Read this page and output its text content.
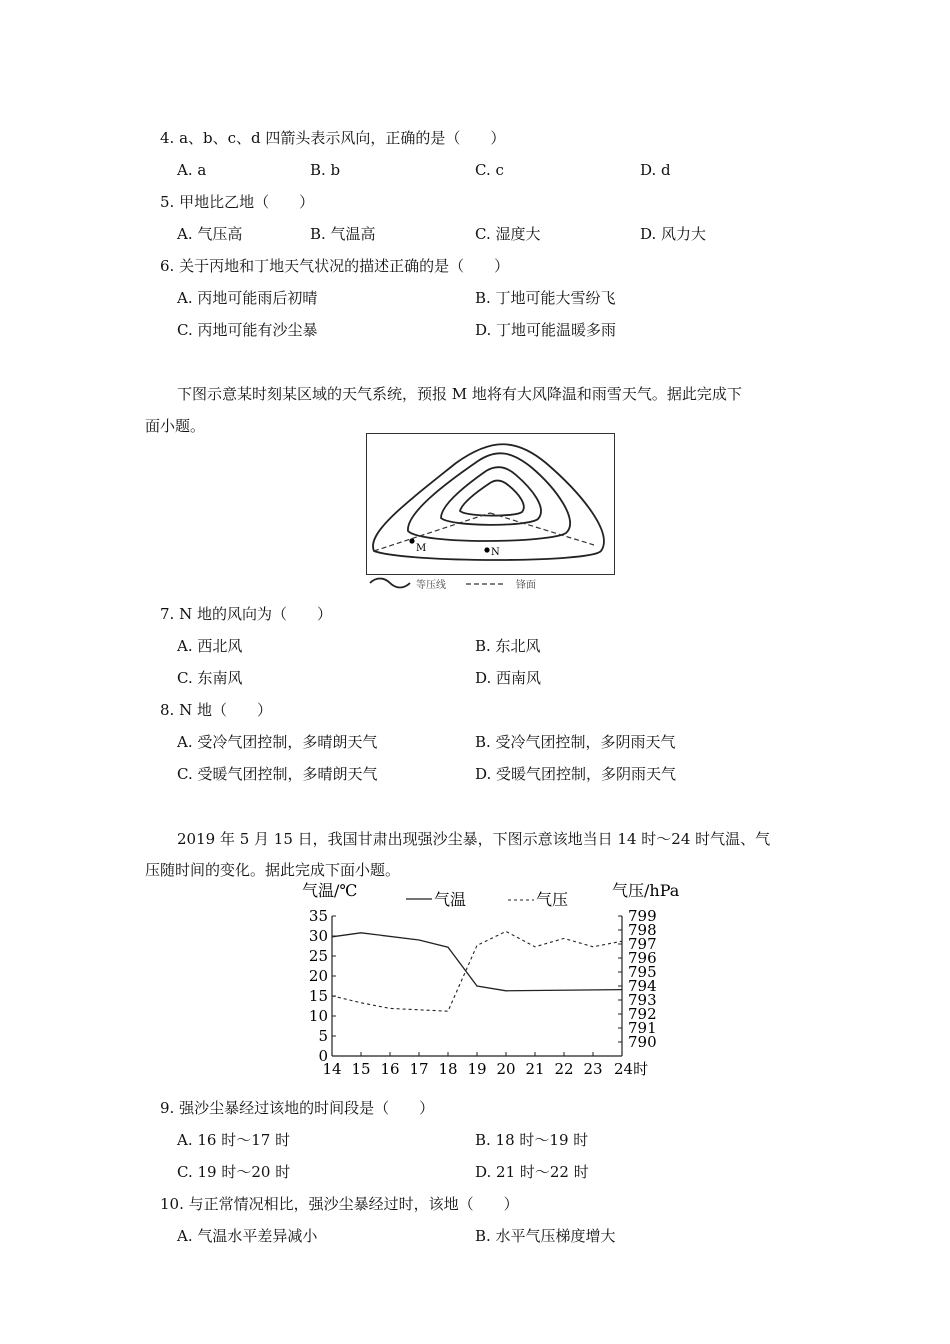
4. a、b、c、d 四箭头表示风向，正确的是（　　）
A. a	B. b	C. c	D. d
5. 甲地比乙地（　　）
A. 气压高	B. 气温高	C. 湿度大	D. 风力大
6. 关于丙地和丁地天气状况的描述正确的是（　　）
A. 丙地可能雨后初晴	B. 丁地可能大雪纷飞
C. 丙地可能有沙尘暴	D. 丁地可能温暖多雨
下图示意某时刻某区域的天气系统，预报 M 地将有大风降温和雨雪天气。据此完成下
面小题。
M	N
等压线	锋面
7. N 地的风向为（　　）
A. 西北风	B. 东北风
C. 东南风	D. 西南风
8. N 地（　　）
A. 受冷气团控制，多晴朗天气	B. 受冷气团控制，多阴雨天气
C. 受暖气团控制，多晴朗天气	D. 受暖气团控制，多阴雨天气
2019 年 5 月 15 日，我国甘肃出现强沙尘暴，下图示意该地当日 14 时～24 时气温、气
压随时间的变化。据此完成下面小题。
0
5
10
15
20
25
30
35
790
791
792
793
794
795
796
797
798
799
14 15 16 17 18 19 20 21 22 23 24时
气温/℃	气压/hPa
气温	气压
9. 强沙尘暴经过该地的时间段是（　　）
A. 16 时～17 时	B. 18 时～19 时
C. 19 时～20 时	D. 21 时～22 时
10. 与正常情况相比，强沙尘暴经过时，该地（　　）
A. 气温水平差异减小	B. 水平气压梯度增大
